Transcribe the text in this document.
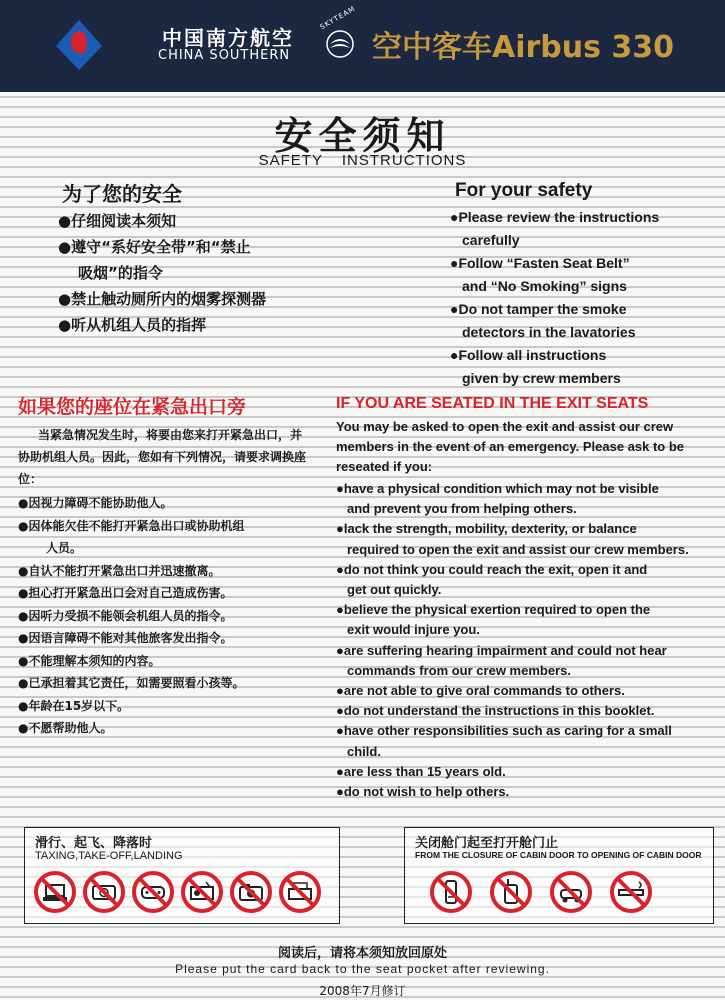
中国南方航空
CHINA SOUTHERN
SKYTEAM
空中客车Airbus 330
安全须知
SAFETY INSTRUCTIONS
为了您的安全

●仔细阅读本须知

●遵守“系好安全带”和“禁止

吸烟”的指令

●禁止触动厕所内的烟雾探测器

●听从机组人员的指挥

For your safety

●Please review the instructions

carefully

●Follow “Fasten Seat Belt”

and “No Smoking” signs

●Do not tamper the smoke

detectors in the lavatories

●Follow all instructions

given by crew members

如果您的座位在紧急出口旁
当紧急情况发生时，将要由您来打开紧急出口，并协助机组人员。因此，您如有下列情况，请要求调换座位：
●因视力障碍不能协助他人。
●因体能欠佳不能打开紧急出口或协助机组
人员。
●自认不能打开紧急出口并迅速撤离。
●担心打开紧急出口会对自己造成伤害。
●因听力受损不能领会机组人员的指令。
●因语言障碍不能对其他旅客发出指令。
●不能理解本须知的内容。
●已承担着其它责任，如需要照看小孩等。
●年龄在15岁以下。
●不愿帮助他人。
IF YOU ARE SEATED IN THE EXIT SEATS
You may be asked to open the exit and assist our crew members in the event of an emergency. Please ask to be reseated if you:
●have a physical condition which may not be visible
and prevent you from helping others.
●lack the strength, mobility, dexterity, or balance
required to open the exit and assist our crew members.
●do not think you could reach the exit, open it and
get out quickly.
●believe the physical exertion required to open the
exit would injure you.
●are suffering hearing impairment and could not hear
commands from our crew members.
●are not able to give oral commands to others.
●do not understand the instructions in this booklet.
●have other responsibilities such as caring for a small
child.
●are less than 15 years old.
●do not wish to help others.
滑行、起飞、降落时
TAXING,TAKE-OFF,LANDING
关闭舱门起至打开舱门止
FROM THE CLOSURE OF CABIN DOOR TO OPENING OF CABIN DOOR
阅读后，请将本须知放回原处
Please put the card back to the seat pocket after reviewing.
2008年7月修订
